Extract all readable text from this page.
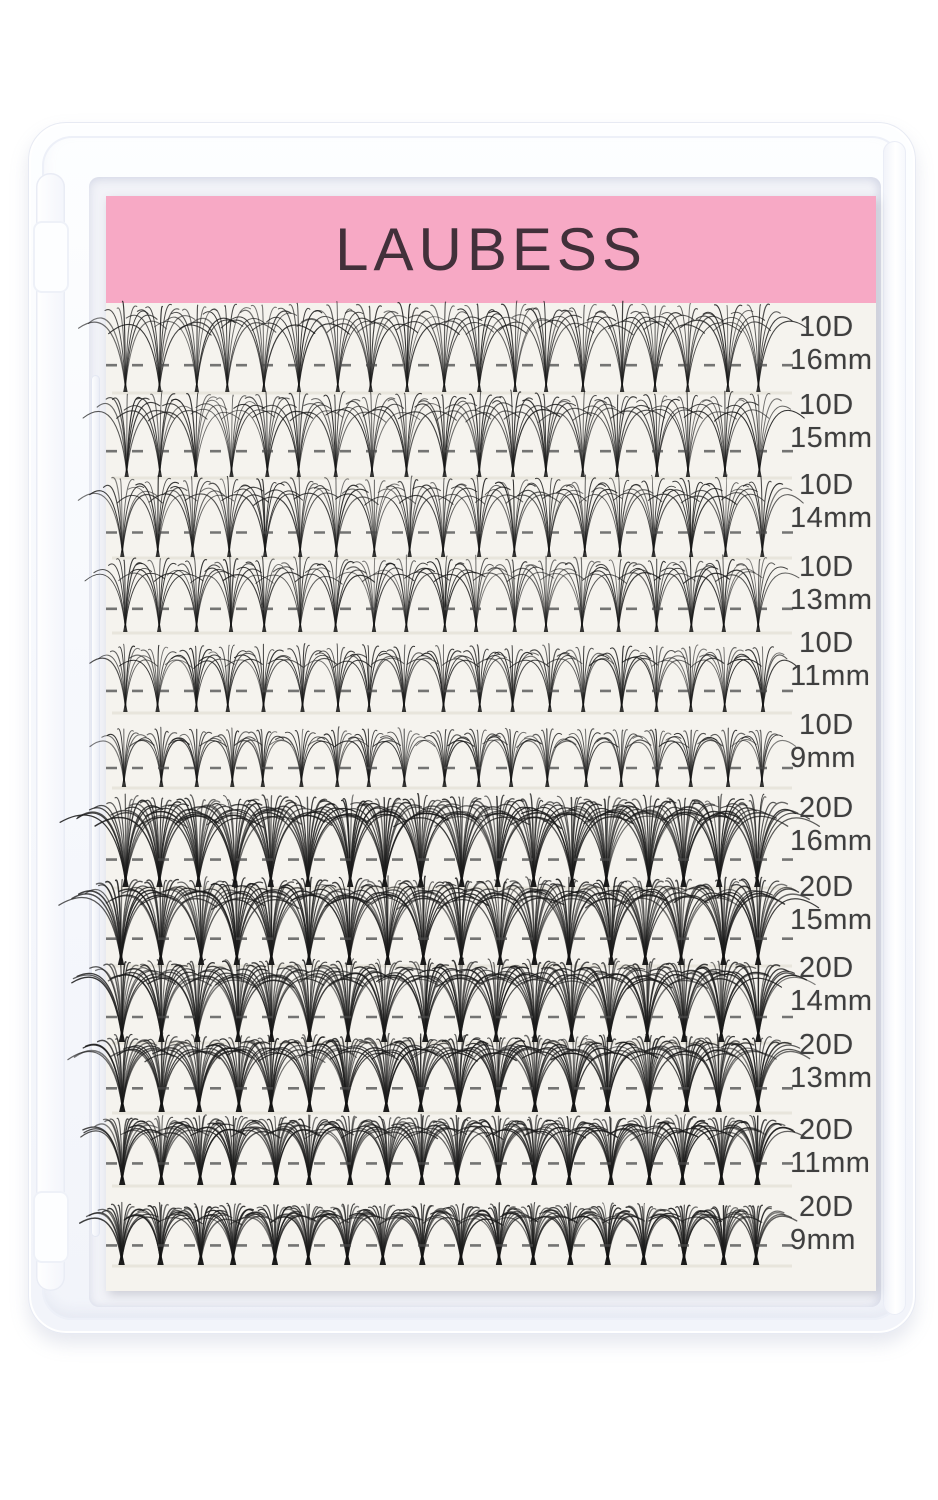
LAUBESS
10D
16mm
10D
15mm
10D
14mm
10D
13mm
10D
11mm
10D
9mm
20D
16mm
20D
15mm
20D
14mm
20D
13mm
20D
11mm
20D
9mm
